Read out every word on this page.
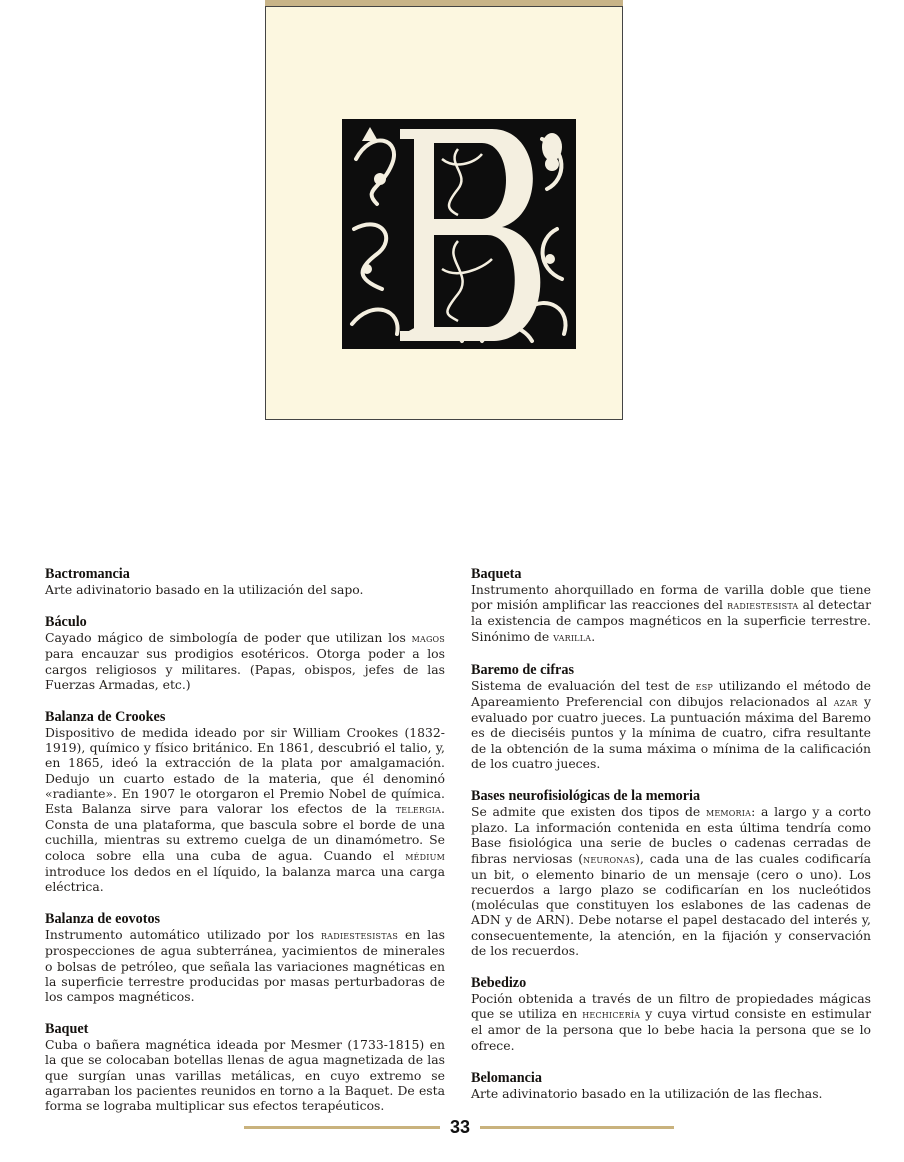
Bactromancia

Arte adivinatorio basado en la utilización del sapo.

Báculo

Cayado mágico de simbología de poder que utilizan los magos para encauzar sus prodigios esotéricos. Otorga poder a los cargos religiosos y militares. (Papas, obispos, jefes de las Fuerzas Armadas, etc.)

Balanza de Crookes

Dispositivo de medida ideado por sir William Crookes (1832-1919), químico y físico británico. En 1861, descubrió el talio, y, en 1865, ideó la extracción de la plata por amalgamación. Dedujo un cuarto estado de la materia, que él denominó «radiante». En 1907 le otorgaron el Premio Nobel de química. Esta Balanza sirve para valorar los efectos de la telergia. Consta de una plataforma, que bascula sobre el borde de una cuchilla, mientras su extremo cuelga de un dinamómetro. Se coloca sobre ella una cuba de agua. Cuando el médium introduce los dedos en el líquido, la balanza marca una carga eléctrica.

Balanza de eovotos

Instrumento automático utilizado por los radiestesistas en las prospecciones de agua subterránea, yacimientos de minerales o bolsas de petróleo, que señala las variaciones magnéticas en la superficie terrestre producidas por masas perturbadoras de los campos magnéticos.

Baquet

Cuba o bañera magnética ideada por Mesmer (1733-1815) en la que se colocaban botellas llenas de agua magnetizada de las que surgían unas varillas metálicas, en cuyo extremo se agarraban los pacientes reunidos en torno a la Baquet. De esta forma se lograba multiplicar sus efectos terapéuticos.

Baqueta

Instrumento ahorquillado en forma de varilla doble que tiene por misión amplificar las reacciones del radiestesista al detectar la existencia de campos magnéticos en la superficie terrestre. Sinónimo de varilla.

Baremo de cifras

Sistema de evaluación del test de esp utilizando el método de Apareamiento Preferencial con dibujos relacionados al azar y evaluado por cuatro jueces. La puntuación máxima del Baremo es de dieciséis puntos y la mínima de cuatro, cifra resultante de la obtención de la suma máxima o mínima de la calificación de los cuatro jueces.

Bases neurofisiológicas de la memoria

Se admite que existen dos tipos de memoria: a largo y a corto plazo. La información contenida en esta última tendría como Base fisiológica una serie de bucles o cadenas cerradas de fibras nerviosas (neuronas), cada una de las cuales codificaría un bit, o elemento binario de un mensaje (cero o uno). Los recuerdos a largo plazo se codificarían en los nucleótidos (moléculas que constituyen los eslabones de las cadenas de ADN y de ARN). Debe notarse el papel destacado del interés y, consecuentemente, la atención, en la fijación y conservación de los recuerdos.

Bebedizo

Poción obtenida a través de un filtro de propiedades mágicas que se utiliza en hechicería y cuya virtud consiste en estimular el amor de la persona que lo bebe hacia la persona que se lo ofrece.

Belomancia

Arte adivinatorio basado en la utilización de las flechas.

33
